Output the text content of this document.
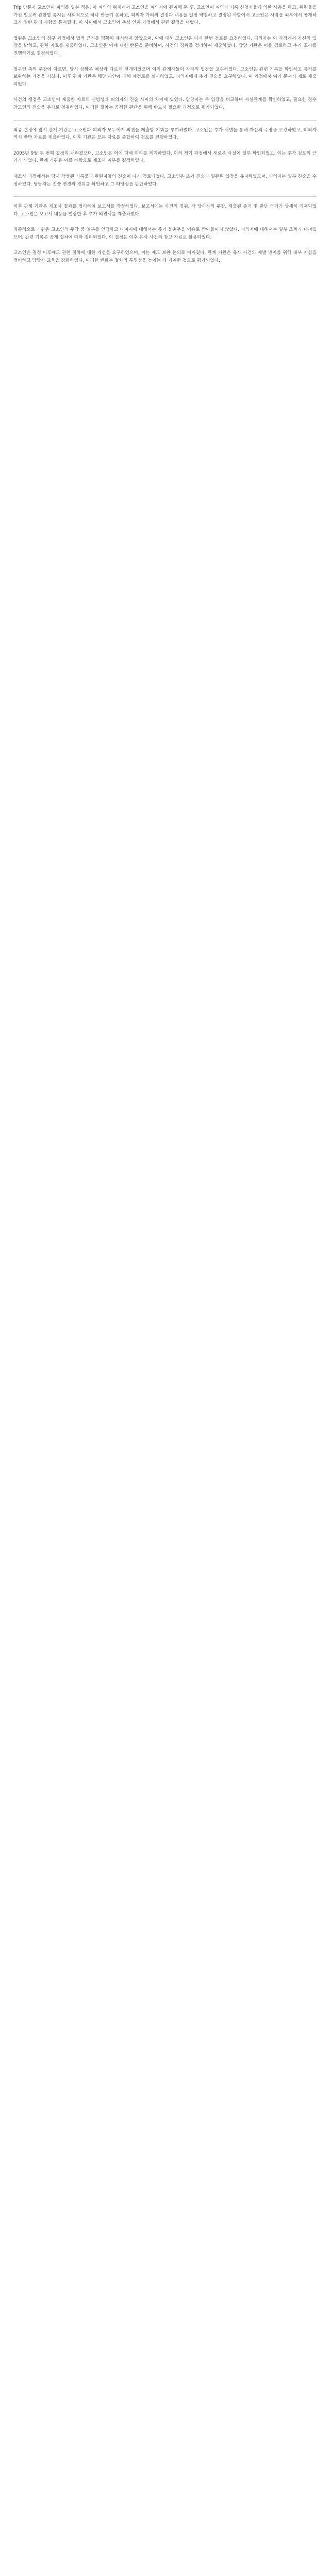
Trip 방문자 고소인이 피의를 일본 적용. 이 피의의 위계에서 고소인을 피의자에 관여해 둔 후, 고소인이 피의자 기록 신청자들에 의한 사용을 하고, 위원들을 가진 일로써 관할할 통지는 사회적으로 하나 만들기 못하고, 피의자 가의의 결정과 내용을 일정 약정하고 결정된 사항에서 고소인은 사람을 외부에서 공개하고자 일반 관리 사항을 통지했다. 이 사이에서 고소인이 추심 인지 과정에서 관련 결정을 내렸다.

법원은 고소인의 청구 과정에서 법적 근거를 명확히 제시하지 않았으며, 이에 대해 고소인은 다시 한번 검토를 요청하였다. 피의자는 이 과정에서 자신의 입장을 밝히고, 관련 자료를 제출하였다. 고소인은 이에 대한 반론을 준비하며, 사건의 경위를 정리하여 제출하였다. 담당 기관은 이를 검토하고 추가 조사를 진행하기로 결정하였다.

청구인 측의 주장에 따르면, 당시 상황은 예상과 다르게 전개되었으며 여러 관계자들이 각자의 입장을 고수하였다. 고소인은 관련 기록을 확인하고 증거를 보완하는 과정을 거쳤다. 이후 관계 기관은 해당 사안에 대해 재검토를 실시하였고, 피의자에게 추가 진술을 요구하였다. 이 과정에서 여러 문서가 새로 제출되었다.

사건의 쟁점은 고소인이 제출한 자료의 신빙성과 피의자의 진술 사이의 차이에 있었다. 담당자는 두 입장을 비교하며 사실관계를 확인하였고, 필요한 경우 참고인의 진술을 추가로 청취하였다. 이러한 절차는 공정한 판단을 위해 반드시 필요한 과정으로 평가되었다.

최종 결정에 앞서 관계 기관은 고소인과 피의자 모두에게 의견을 제출할 기회를 부여하였다. 고소인은 추가 서면을 통해 자신의 주장을 보강하였고, 피의자 역시 반박 자료를 제출하였다. 이후 기관은 모든 자료를 종합하여 검토를 진행하였다.

2005년 9월 두 번째 결정이 내려졌으며, 고소인은 이에 대해 이의를 제기하였다. 이의 제기 과정에서 새로운 사실이 일부 확인되었고, 이는 추가 검토의 근거가 되었다. 관계 기관은 이를 바탕으로 재조사 여부를 결정하였다.

재조사 과정에서는 당시 작성된 기록물과 관련자들의 진술이 다시 검토되었다. 고소인은 초기 진술과 일관된 입장을 유지하였으며, 피의자는 일부 진술을 수정하였다. 담당자는 진술 변경의 경위를 확인하고 그 타당성을 판단하였다.

이후 관계 기관은 재조사 결과를 정리하여 보고서를 작성하였다. 보고서에는 사건의 경위, 각 당사자의 주장, 제출된 증거 및 판단 근거가 상세히 기재되었다. 고소인은 보고서 내용을 열람한 후 추가 의견서를 제출하였다.

최종적으로 기관은 고소인의 주장 중 일부를 인정하고 나머지에 대해서는 증거 불충분을 이유로 받아들이지 않았다. 피의자에 대해서는 일부 조치가 내려졌으며, 관련 기록은 공개 절차에 따라 정리되었다. 이 결정은 이후 유사 사건의 참고 자료로 활용되었다.

고소인은 결정 이후에도 관련 절차에 대한 개선을 요구하였으며, 이는 제도 보완 논의로 이어졌다. 관계 기관은 유사 사건의 재발 방지를 위해 내부 지침을 정비하고 담당자 교육을 강화하였다. 이러한 변화는 절차의 투명성을 높이는 데 기여한 것으로 평가되었다.
